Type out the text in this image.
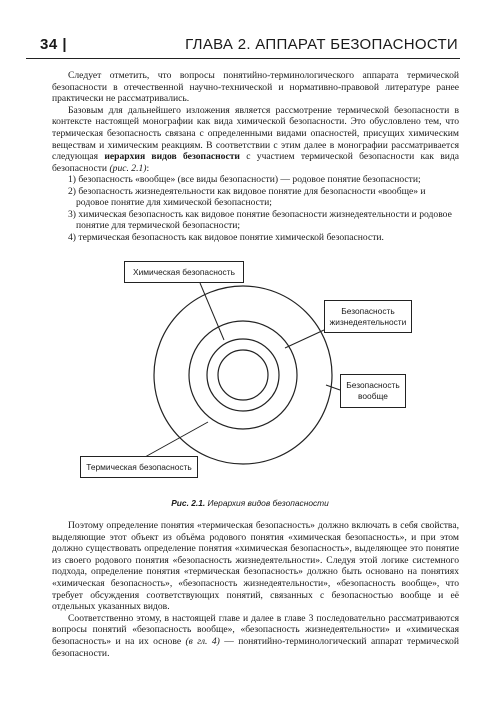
34 |	ГЛАВА 2. АППАРАТ БЕЗОПАСНОСТИ

Следует отметить, что вопросы понятийно-терминологического аппарата термической безопасности в отечественной научно-технической и нормативно-правовой литературе ранее практически не рассматривались.

Базовым для дальнейшего изложения является рассмотрение термической безопасности в контексте настоящей монографии как вида химической безопасности. Это обусловлено тем, что термическая безопасность связана с определенными видами опасностей, присущих химическим веществам и химическим реакциям. В соответствии с этим далее в монографии рассматривается следующая иерархия видов безопасности с участием термической безопасности как вида безопасности (рис. 2.1):

1) безопасность «вообще» (все виды безопасности) — родовое понятие безопасности;
2) безопасность жизнедеятельности как видовое понятие для безопасности «вообще» и родовое понятие для химической безопасности;
3) химическая безопасность как видовое понятие безопасности жизнедеятельности и родовое понятие для термической безопасности;
4) термическая безопасность как видовое понятие химической безопасности.
Химическая безопасность
Безопасность жизнедеятельности
Безопасность вообще
Термическая безопасность
Рис. 2.1. Иерархия видов безопасности

Поэтому определение понятия «термическая безопасность» должно включать в себя свойства, выделяющие этот объект из объёма родового понятия «химическая безопасность», и при этом должно существовать определение понятия «химическая безопасность», выделяющее это понятие из своего родового понятия «безопасность жизнедеятельности». Следуя этой логике системного подхода, определение понятия «термическая безопасность» должно быть основано на понятиях «химическая безопасность», «безопасность жизнедеятельности», «безопасность вообще», что требует обсуждения соответствующих понятий, связанных с безопасностью вообще и её отдельных указанных видов.

Соответственно этому, в настоящей главе и далее в главе 3 последовательно рассматриваются вопросы понятий «безопасность вообще», «безопасность жизнедеятельности» и «химическая безопасность» и на их основе (в гл. 4) — понятийно-терминологический аппарат термической безопасности.
